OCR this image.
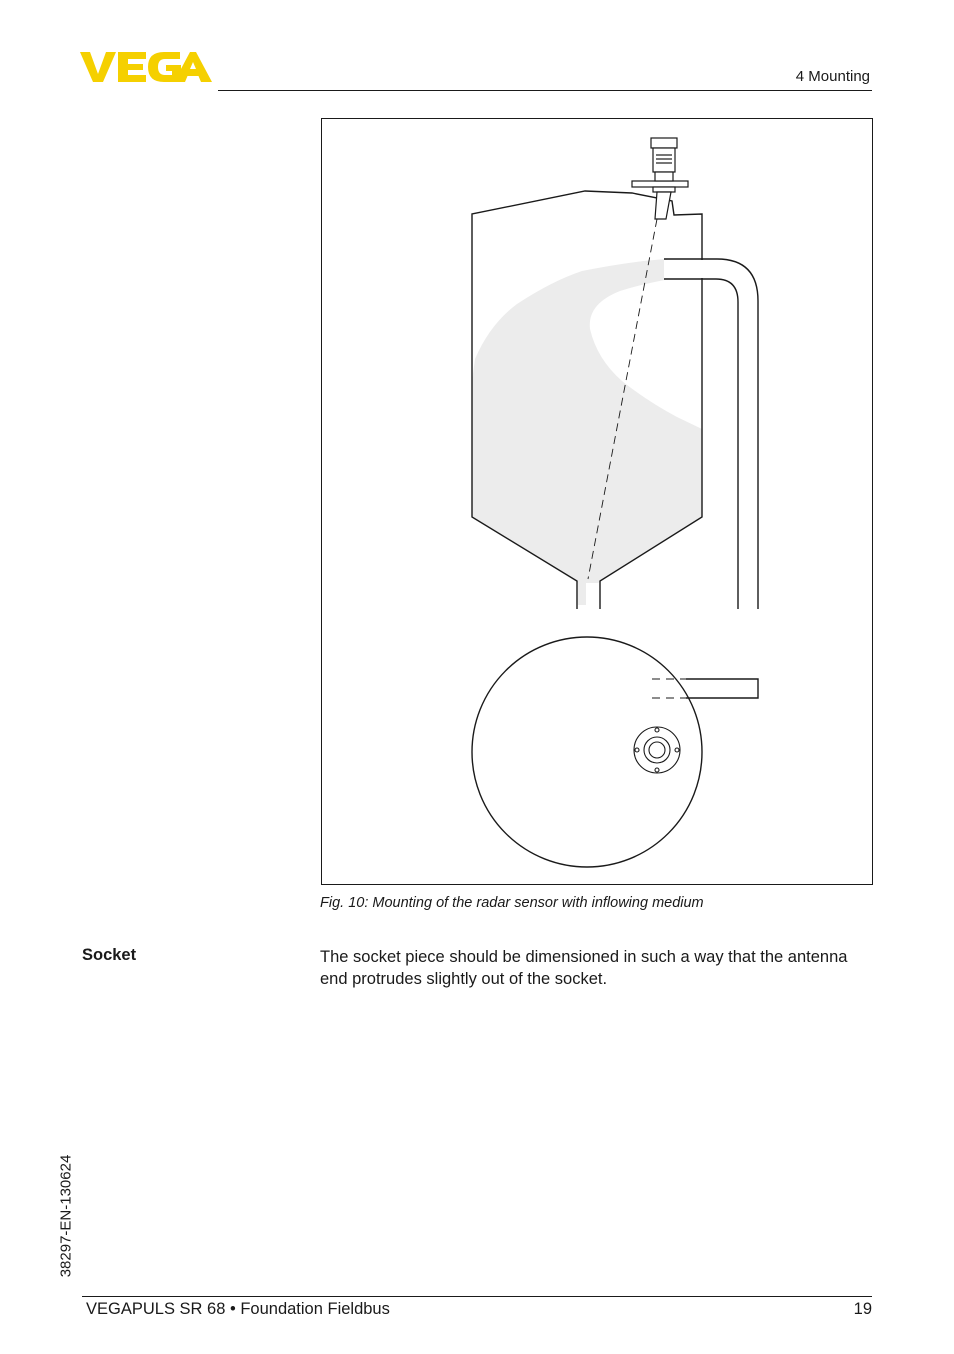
4 Mounting
Fig. 10: Mounting of the radar sensor with inflowing medium
Socket	The socket piece should be dimensioned in such a way that the antenna end protrudes slightly out of the socket.
38297-EN-130624
VEGAPULS SR 68 • Foundation Fieldbus	19
